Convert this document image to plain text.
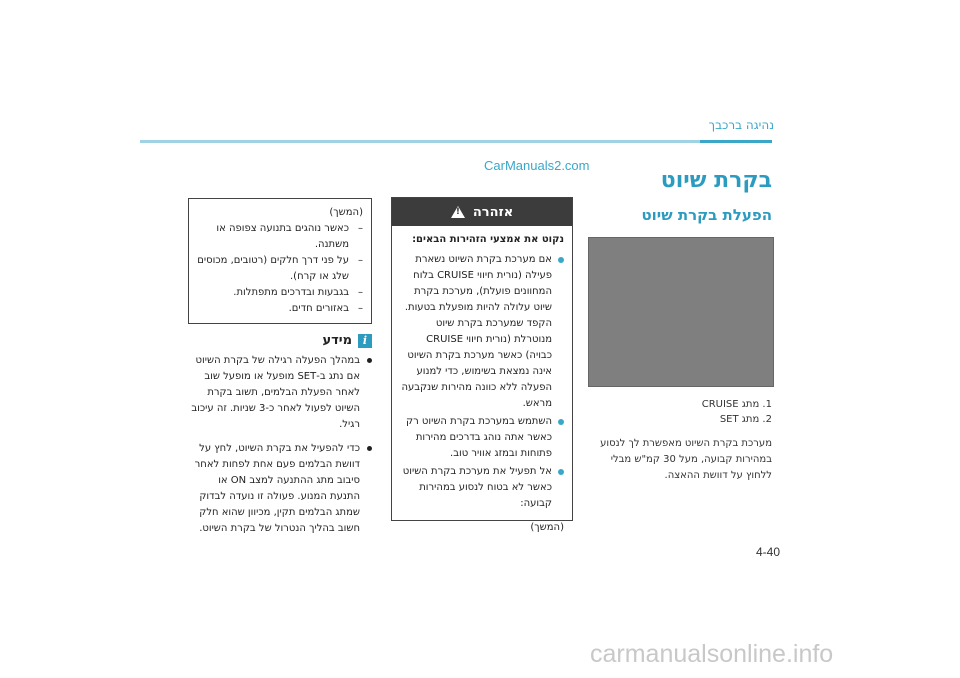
נהיגה ברכבך
CarManuals2.com
בקרת שיוט
הפעלת בקרת שיוט
1. מתג CRUISE
2. מתג SET
מערכת בקרת השיוט מאפשרת לך לנסוע במהירות קבועה, מעל 30 קמ"ש מבלי ללחוץ על דוושת ההאצה.
אזהרה
!
נקוט את אמצעי הזהירות הבאים:
אם מערכת בקרת השיוט נשארת פעילה (נורית חיווי CRUISE בלוח המחוונים פועלת), מערכת בקרת שיוט עלולה להיות מופעלת בטעות. הקפד שמערכת בקרת שיוט מנוטרלת (נורית חיווי CRUISE כבויה) כאשר מערכת בקרת השיוט אינה נמצאת בשימוש, כדי למנוע הפעלה ללא כוונה מהירות שנקבעה מראש.
השתמש במערכת בקרת השיוט רק כאשר אתה נוהג בדרכים מהירות פתוחות ובמזג אוויר טוב.
אל תפעיל את מערכת בקרת השיוט כאשר לא בטוח לנסוע במהירות קבועה:
(המשך)
(המשך)
– כאשר נוהגים בתנועה צפופה או משתנה.
– על פני דרך חלקים (רטובים, מכוסים שלג או קרח).
– בגבעות ובדרכים מתפתלות.
– באזורים חדים.
i
מידע
במהלך הפעלה רגילה של בקרת השיוט אם נתג ב-SET מופעל או מופעל שוב לאחר הפעלת הבלמים, תשוב בקרת השיוט לפעול לאחר כ-3 שניות. זה עיכוב רגיל.
כדי להפעיל את בקרת השיוט, לחץ על דוושת הבלמים פעם אחת לפחות לאחר סיבוב מתג ההתנעה למצב ON או התנעת המנוע. פעולה זו נועדה לבדוק שמתג הבלמים תקין, מכיוון שהוא חלק חשוב בהליך הנטרול של בקרת השיוט.
4-40
carmanualsonline.info
